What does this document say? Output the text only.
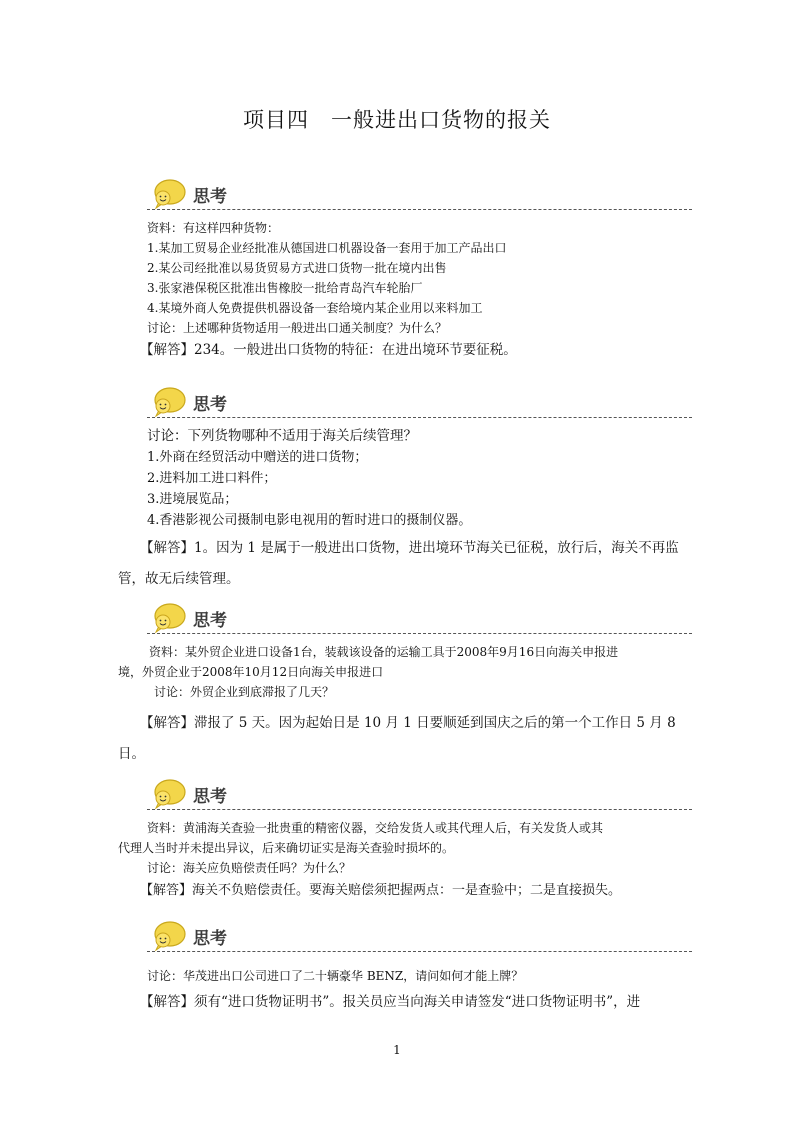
项目四　一般进出口货物的报关
思考
资料：有这样四种货物：
1.某加工贸易企业经批准从德国进口机器设备一套用于加工产品出口
2.某公司经批准以易货贸易方式进口货物一批在境内出售
3.张家港保税区批准出售橡胶一批给青岛汽车轮胎厂
4.某境外商人免费提供机器设备一套给境内某企业用以来料加工
讨论：上述哪种货物适用一般进出口通关制度？为什么？
【解答】234。一般进出口货物的特征：在进出境环节要征税。
思考
讨论：下列货物哪种不适用于海关后续管理？
1.外商在经贸活动中赠送的进口货物；
2.进料加工进口料件；
3.进境展览品；
4.香港影视公司摄制电影电视用的暂时进口的摄制仪器。
【解答】1。因为 1 是属于一般进出口货物，进出境环节海关已征税，放行后，海关不再监管，故无后续管理。
思考
资料：某外贸企业进口设备1台，装载该设备的运输工具于2008年9月16日向海关申报进
境，外贸企业于2008年10月12日向海关申报进口
讨论：外贸企业到底滞报了几天？
【解答】滞报了 5 天。因为起始日是 10 月 1 日要顺延到国庆之后的第一个工作日 5 月 8 日。
思考
资料：黄浦海关查验一批贵重的精密仪器，交给发货人或其代理人后，有关发货人或其
代理人当时并未提出异议，后来确切证实是海关查验时损坏的。
讨论：海关应负赔偿责任吗？为什么？
【解答】海关不负赔偿责任。要海关赔偿须把握两点：一是查验中；二是直接损失。
思考
讨论：华茂进出口公司进口了二十辆豪华 BENZ，请问如何才能上牌？
【解答】须有“进口货物证明书”。报关员应当向海关申请签发“进口货物证明书”，进
1
